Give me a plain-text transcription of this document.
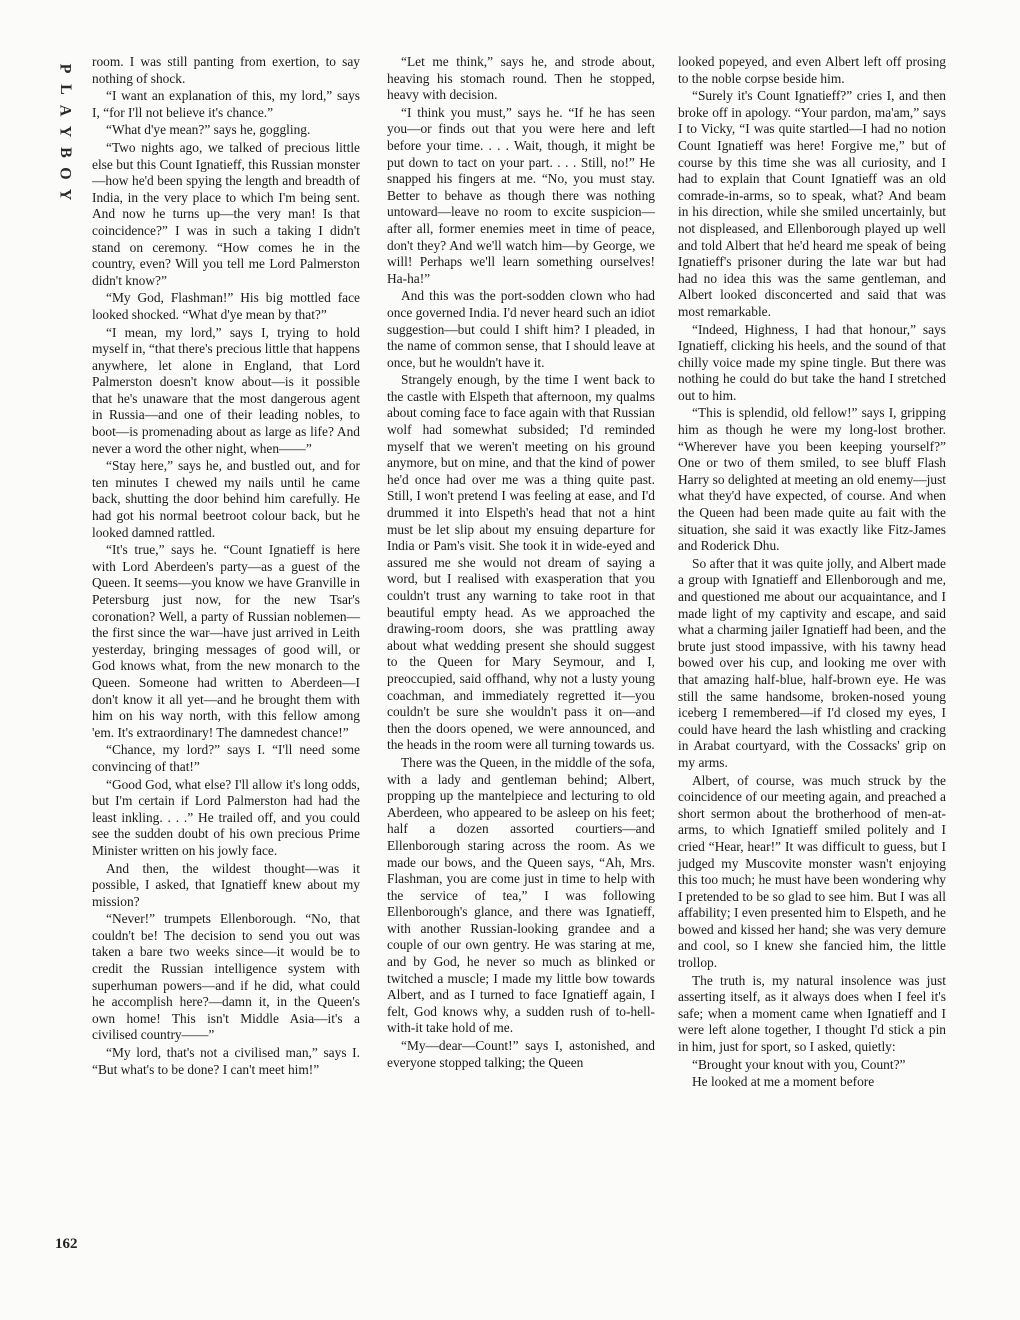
P
L
A
Y
B
O
Y

room. I was still panting from exertion, to say nothing of shock.

“I want an explanation of this, my lord,” says I, “for I'll not believe it's chance.”

“What d'ye mean?” says he, goggling.

“Two nights ago, we talked of precious little else but this Count Ignatieff, this Russian monster—how he'd been spying the length and breadth of India, in the very place to which I'm being sent. And now he turns up—the very man! Is that coincidence?” I was in such a taking I didn't stand on ceremony. “How comes he in the country, even? Will you tell me Lord Palmerston didn't know?”

“My God, Flashman!” His big mottled face looked shocked. “What d'ye mean by that?”

“I mean, my lord,” says I, trying to hold myself in, “that there's precious little that happens anywhere, let alone in England, that Lord Palmerston doesn't know about—is it possible that he's unaware that the most dangerous agent in Russia—and one of their leading nobles, to boot—is promenading about as large as life? And never a word the other night, when——”

“Stay here,” says he, and bustled out, and for ten minutes I chewed my nails until he came back, shutting the door behind him carefully. He had got his normal beetroot colour back, but he looked damned rattled.

“It's true,” says he. “Count Ignatieff is here with Lord Aberdeen's party—as a guest of the Queen. It seems—you know we have Granville in Petersburg just now, for the new Tsar's coronation? Well, a party of Russian noblemen—the first since the war—have just arrived in Leith yesterday, bringing messages of good will, or God knows what, from the new monarch to the Queen. Someone had written to Aberdeen—I don't know it all yet—and he brought them with him on his way north, with this fellow among 'em. It's extraordinary! The damnedest chance!”

“Chance, my lord?” says I. “I'll need some convincing of that!”

“Good God, what else? I'll allow it's long odds, but I'm certain if Lord Palmerston had had the least inkling. . . .” He trailed off, and you could see the sudden doubt of his own precious Prime Minister written on his jowly face.

And then, the wildest thought—was it possible, I asked, that Ignatieff knew about my mission?

“Never!” trumpets Ellenborough. “No, that couldn't be! The decision to send you out was taken a bare two weeks since—it would be to credit the Russian intelligence system with superhuman powers—and if he did, what could he accomplish here?—damn it, in the Queen's own home! This isn't Middle Asia—it's a civilised country——”

“My lord, that's not a civilised man,” says I. “But what's to be done? I can't meet him!”

“Let me think,” says he, and strode about, heaving his stomach round. Then he stopped, heavy with decision.

“I think you must,” says he. “If he has seen you—or finds out that you were here and left before your time. . . . Wait, though, it might be put down to tact on your part. . . . Still, no!” He snapped his fingers at me. “No, you must stay. Better to behave as though there was nothing untoward—leave no room to excite suspicion—after all, former enemies meet in time of peace, don't they? And we'll watch him—by George, we will! Perhaps we'll learn something ourselves! Ha-ha!”

And this was the port-sodden clown who had once governed India. I'd never heard such an idiot suggestion—but could I shift him? I pleaded, in the name of common sense, that I should leave at once, but he wouldn't have it.

Strangely enough, by the time I went back to the castle with Elspeth that afternoon, my qualms about coming face to face again with that Russian wolf had somewhat subsided; I'd reminded myself that we weren't meeting on his ground anymore, but on mine, and that the kind of power he'd once had over me was a thing quite past. Still, I won't pretend I was feeling at ease, and I'd drummed it into Elspeth's head that not a hint must be let slip about my ensuing departure for India or Pam's visit. She took it in wide-eyed and assured me she would not dream of saying a word, but I realised with exasperation that you couldn't trust any warning to take root in that beautiful empty head. As we approached the drawing-room doors, she was prattling away about what wedding present she should suggest to the Queen for Mary Seymour, and I, preoccupied, said offhand, why not a lusty young coachman, and immediately regretted it—you couldn't be sure she wouldn't pass it on—and then the doors opened, we were announced, and the heads in the room were all turning towards us.

There was the Queen, in the middle of the sofa, with a lady and gentleman behind; Albert, propping up the mantelpiece and lecturing to old Aberdeen, who appeared to be asleep on his feet; half a dozen assorted courtiers—and Ellenborough staring across the room. As we made our bows, and the Queen says, “Ah, Mrs. Flashman, you are come just in time to help with the service of tea,” I was following Ellenborough's glance, and there was Ignatieff, with another Russian-looking grandee and a couple of our own gentry. He was staring at me, and by God, he never so much as blinked or twitched a muscle; I made my little bow towards Albert, and as I turned to face Ignatieff again, I felt, God knows why, a sudden rush of to-hell-with-it take hold of me.

“My—dear—Count!” says I, astonished, and everyone stopped talking; the Queen

looked popeyed, and even Albert left off prosing to the noble corpse beside him.

“Surely it's Count Ignatieff?” cries I, and then broke off in apology. “Your pardon, ma'am,” says I to Vicky, “I was quite startled—I had no notion Count Ignatieff was here! Forgive me,” but of course by this time she was all curiosity, and I had to explain that Count Ignatieff was an old comrade-in-arms, so to speak, what? And beam in his direction, while she smiled uncertainly, but not displeased, and Ellenborough played up well and told Albert that he'd heard me speak of being Ignatieff's prisoner during the late war but had had no idea this was the same gentleman, and Albert looked disconcerted and said that was most remarkable.

“Indeed, Highness, I had that honour,” says Ignatieff, clicking his heels, and the sound of that chilly voice made my spine tingle. But there was nothing he could do but take the hand I stretched out to him.

“This is splendid, old fellow!” says I, gripping him as though he were my long-lost brother. “Wherever have you been keeping yourself?” One or two of them smiled, to see bluff Flash Harry so delighted at meeting an old enemy—just what they'd have expected, of course. And when the Queen had been made quite au fait with the situation, she said it was exactly like Fitz-James and Roderick Dhu.

So after that it was quite jolly, and Albert made a group with Ignatieff and Ellenborough and me, and questioned me about our acquaintance, and I made light of my captivity and escape, and said what a charming jailer Ignatieff had been, and the brute just stood impassive, with his tawny head bowed over his cup, and looking me over with that amazing half-blue, half-brown eye. He was still the same handsome, broken-nosed young iceberg I remembered—if I'd closed my eyes, I could have heard the lash whistling and cracking in Arabat courtyard, with the Cossacks' grip on my arms.

Albert, of course, was much struck by the coincidence of our meeting again, and preached a short sermon about the brotherhood of men-at-arms, to which Ignatieff smiled politely and I cried “Hear, hear!” It was difficult to guess, but I judged my Muscovite monster wasn't enjoying this too much; he must have been wondering why I pretended to be so glad to see him. But I was all affability; I even presented him to Elspeth, and he bowed and kissed her hand; she was very demure and cool, so I knew she fancied him, the little trollop.

The truth is, my natural insolence was just asserting itself, as it always does when I feel it's safe; when a moment came when Ignatieff and I were left alone together, I thought I'd stick a pin in him, just for sport, so I asked, quietly:

“Brought your knout with you, Count?”

He looked at me a moment before

162
